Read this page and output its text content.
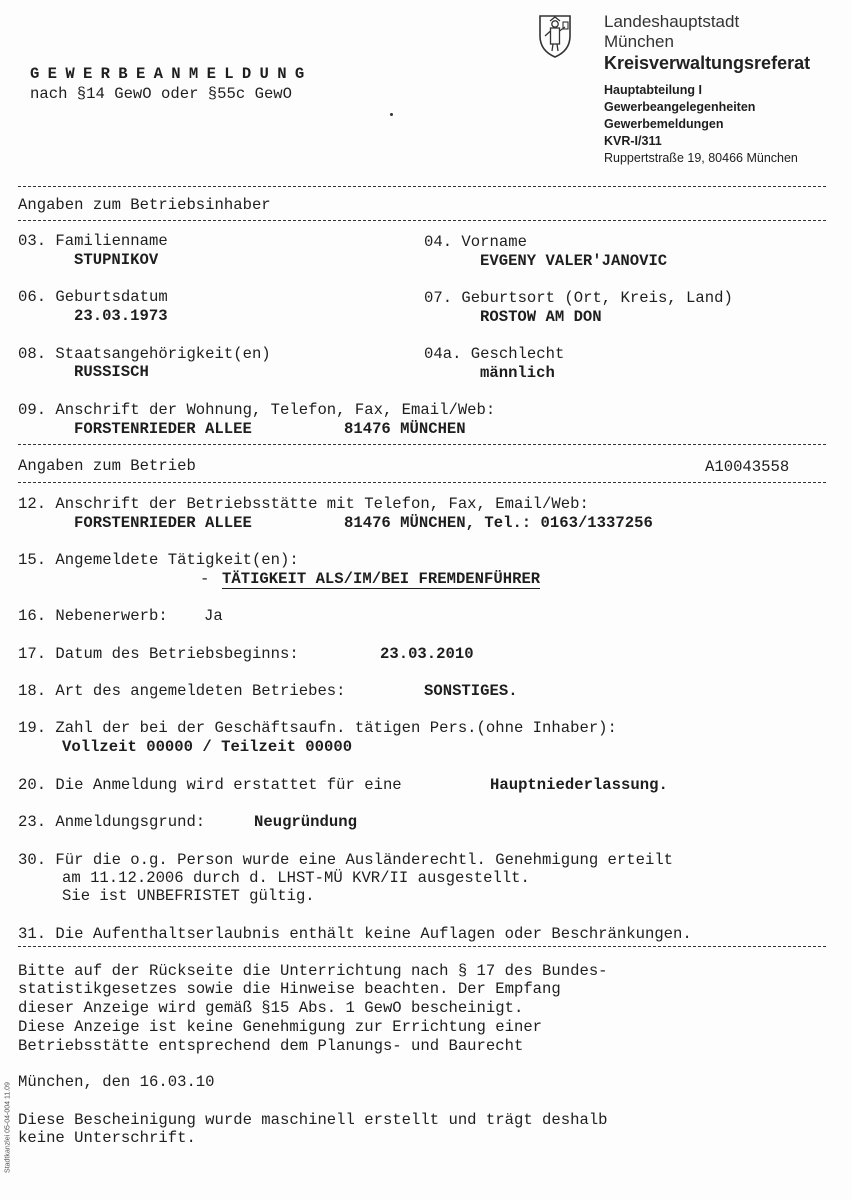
GEWERBEANMELDUNG
nach §14 GewO oder §55c GewO
Landeshauptstadt
München
Kreisverwaltungsreferat
Hauptabteilung I
Gewerbeangelegenheiten
Gewerbemeldungen
KVR-I/311
Ruppertstraße 19, 80466 München
Angaben zum Betriebsinhaber
03. Familienname
STUPNIKOV
04. Vorname
EVGENY VALER'JANOVIC
06. Geburtsdatum
23.03.1973
07. Geburtsort (Ort, Kreis, Land)
ROSTOW AM DON
08. Staatsangehörigkeit(en)
RUSSISCH
04a. Geschlecht
männlich
09. Anschrift der Wohnung, Telefon, Fax, Email/Web:
FORSTENRIEDER ALLEE	81476 MÜNCHEN
Angaben zum Betrieb	A10043558
12. Anschrift der Betriebsstätte mit Telefon, Fax, Email/Web:
FORSTENRIEDER ALLEE	81476 MÜNCHEN, Tel.: 0163/1337256
15. Angemeldete Tätigkeit(en):
- TÄTIGKEIT ALS/IM/BEI FREMDENFÜHRER
16. Nebenerwerb: Ja
17. Datum des Betriebsbeginns:	23.03.2010
18. Art des angemeldeten Betriebes:	SONSTIGES.
19. Zahl der bei der Geschäftsaufn. tätigen Pers.(ohne Inhaber):
Vollzeit 00000 / Teilzeit 00000
20. Die Anmeldung wird erstattet für eine	Hauptniederlassung.
23. Anmeldungsgrund:	Neugründung
30. Für die o.g. Person wurde eine Ausländerechtl. Genehmigung erteilt
am 11.12.2006 durch d. LHST-MÜ KVR/II ausgestellt.
Sie ist UNBEFRISTET gültig.
31. Die Aufenthaltserlaubnis enthält keine Auflagen oder Beschränkungen.
Bitte auf der Rückseite die Unterrichtung nach § 17 des Bundes-
statistikgesetzes sowie die Hinweise beachten. Der Empfang
dieser Anzeige wird gemäß §15 Abs. 1 GewO bescheinigt.
Diese Anzeige ist keine Genehmigung zur Errichtung einer
Betriebsstätte entsprechend dem Planungs- und Baurecht
München, den 16.03.10
Diese Bescheinigung wurde maschinell erstellt und trägt deshalb
keine Unterschrift.
Stadtkanzlei 05-04-004 11.09
